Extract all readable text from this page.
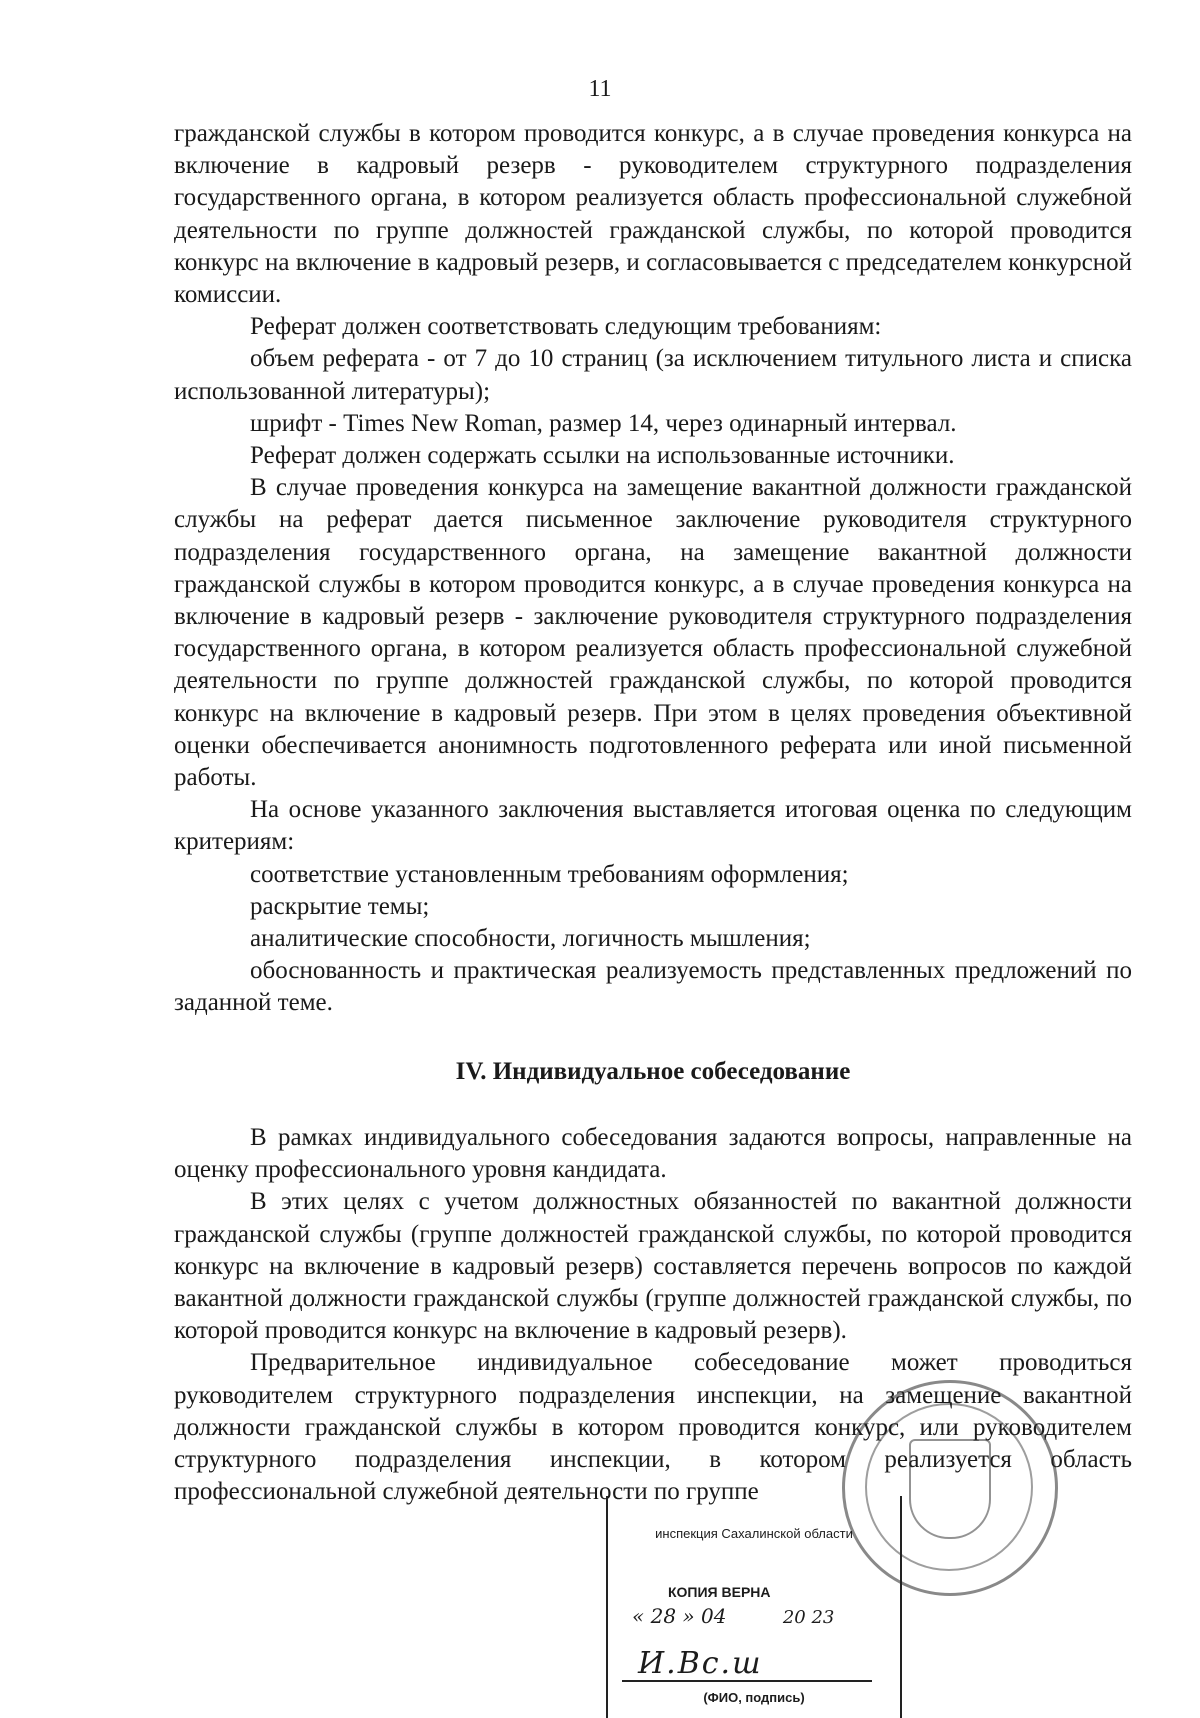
11

гражданской службы в котором проводится конкурс, а в случае проведения конкурса на включение в кадровый резерв - руководителем структурного подразделения государственного органа, в котором реализуется область профессиональной служебной деятельности по группе должностей гражданской службы, по которой проводится конкурс на включение в кадровый резерв, и согласовывается с председателем конкурсной комиссии.

Реферат должен соответствовать следующим требованиям:

объем реферата - от 7 до 10 страниц (за исключением титульного листа и списка использованной литературы);

шрифт - Times New Roman, размер 14, через одинарный интервал.

Реферат должен содержать ссылки на использованные источники.

В случае проведения конкурса на замещение вакантной должности гражданской службы на реферат дается письменное заключение руководителя структурного подразделения государственного органа, на замещение вакантной должности гражданской службы в котором проводится конкурс, а в случае проведения конкурса на включение в кадровый резерв - заключение руководителя структурного подразделения государственного органа, в котором реализуется область профессиональной служебной деятельности по группе должностей гражданской службы, по которой проводится конкурс на включение в кадровый резерв. При этом в целях проведения объективной оценки обеспечивается анонимность подготовленного реферата или иной письменной работы.

На основе указанного заключения выставляется итоговая оценка по следующим критериям:

соответствие установленным требованиям оформления;

раскрытие темы;

аналитические способности, логичность мышления;

обоснованность и практическая реализуемость представленных предложений по заданной теме.

IV. Индивидуальное собеседование

В рамках индивидуального собеседования задаются вопросы, направленные на оценку профессионального уровня кандидата.

В этих целях с учетом должностных обязанностей по вакантной должности гражданской службы (группе должностей гражданской службы, по которой проводится конкурс на включение в кадровый резерв) составляется перечень вопросов по каждой вакантной должности гражданской службы (группе должностей гражданской службы, по которой проводится конкурс на включение в кадровый резерв).

Предварительное индивидуальное собеседование может проводиться руководителем структурного подразделения инспекции, на замещение вакантной должности гражданской службы в котором проводится конкурс, или руководителем структурного подразделения инспекции, в котором реализуется область профессиональной служебной деятельности по группе

инспекция Сахалинской области
КОПИЯ ВЕРНА
« 28 » 04	20 23
И.Вс.ш
(ФИО, подпись)
